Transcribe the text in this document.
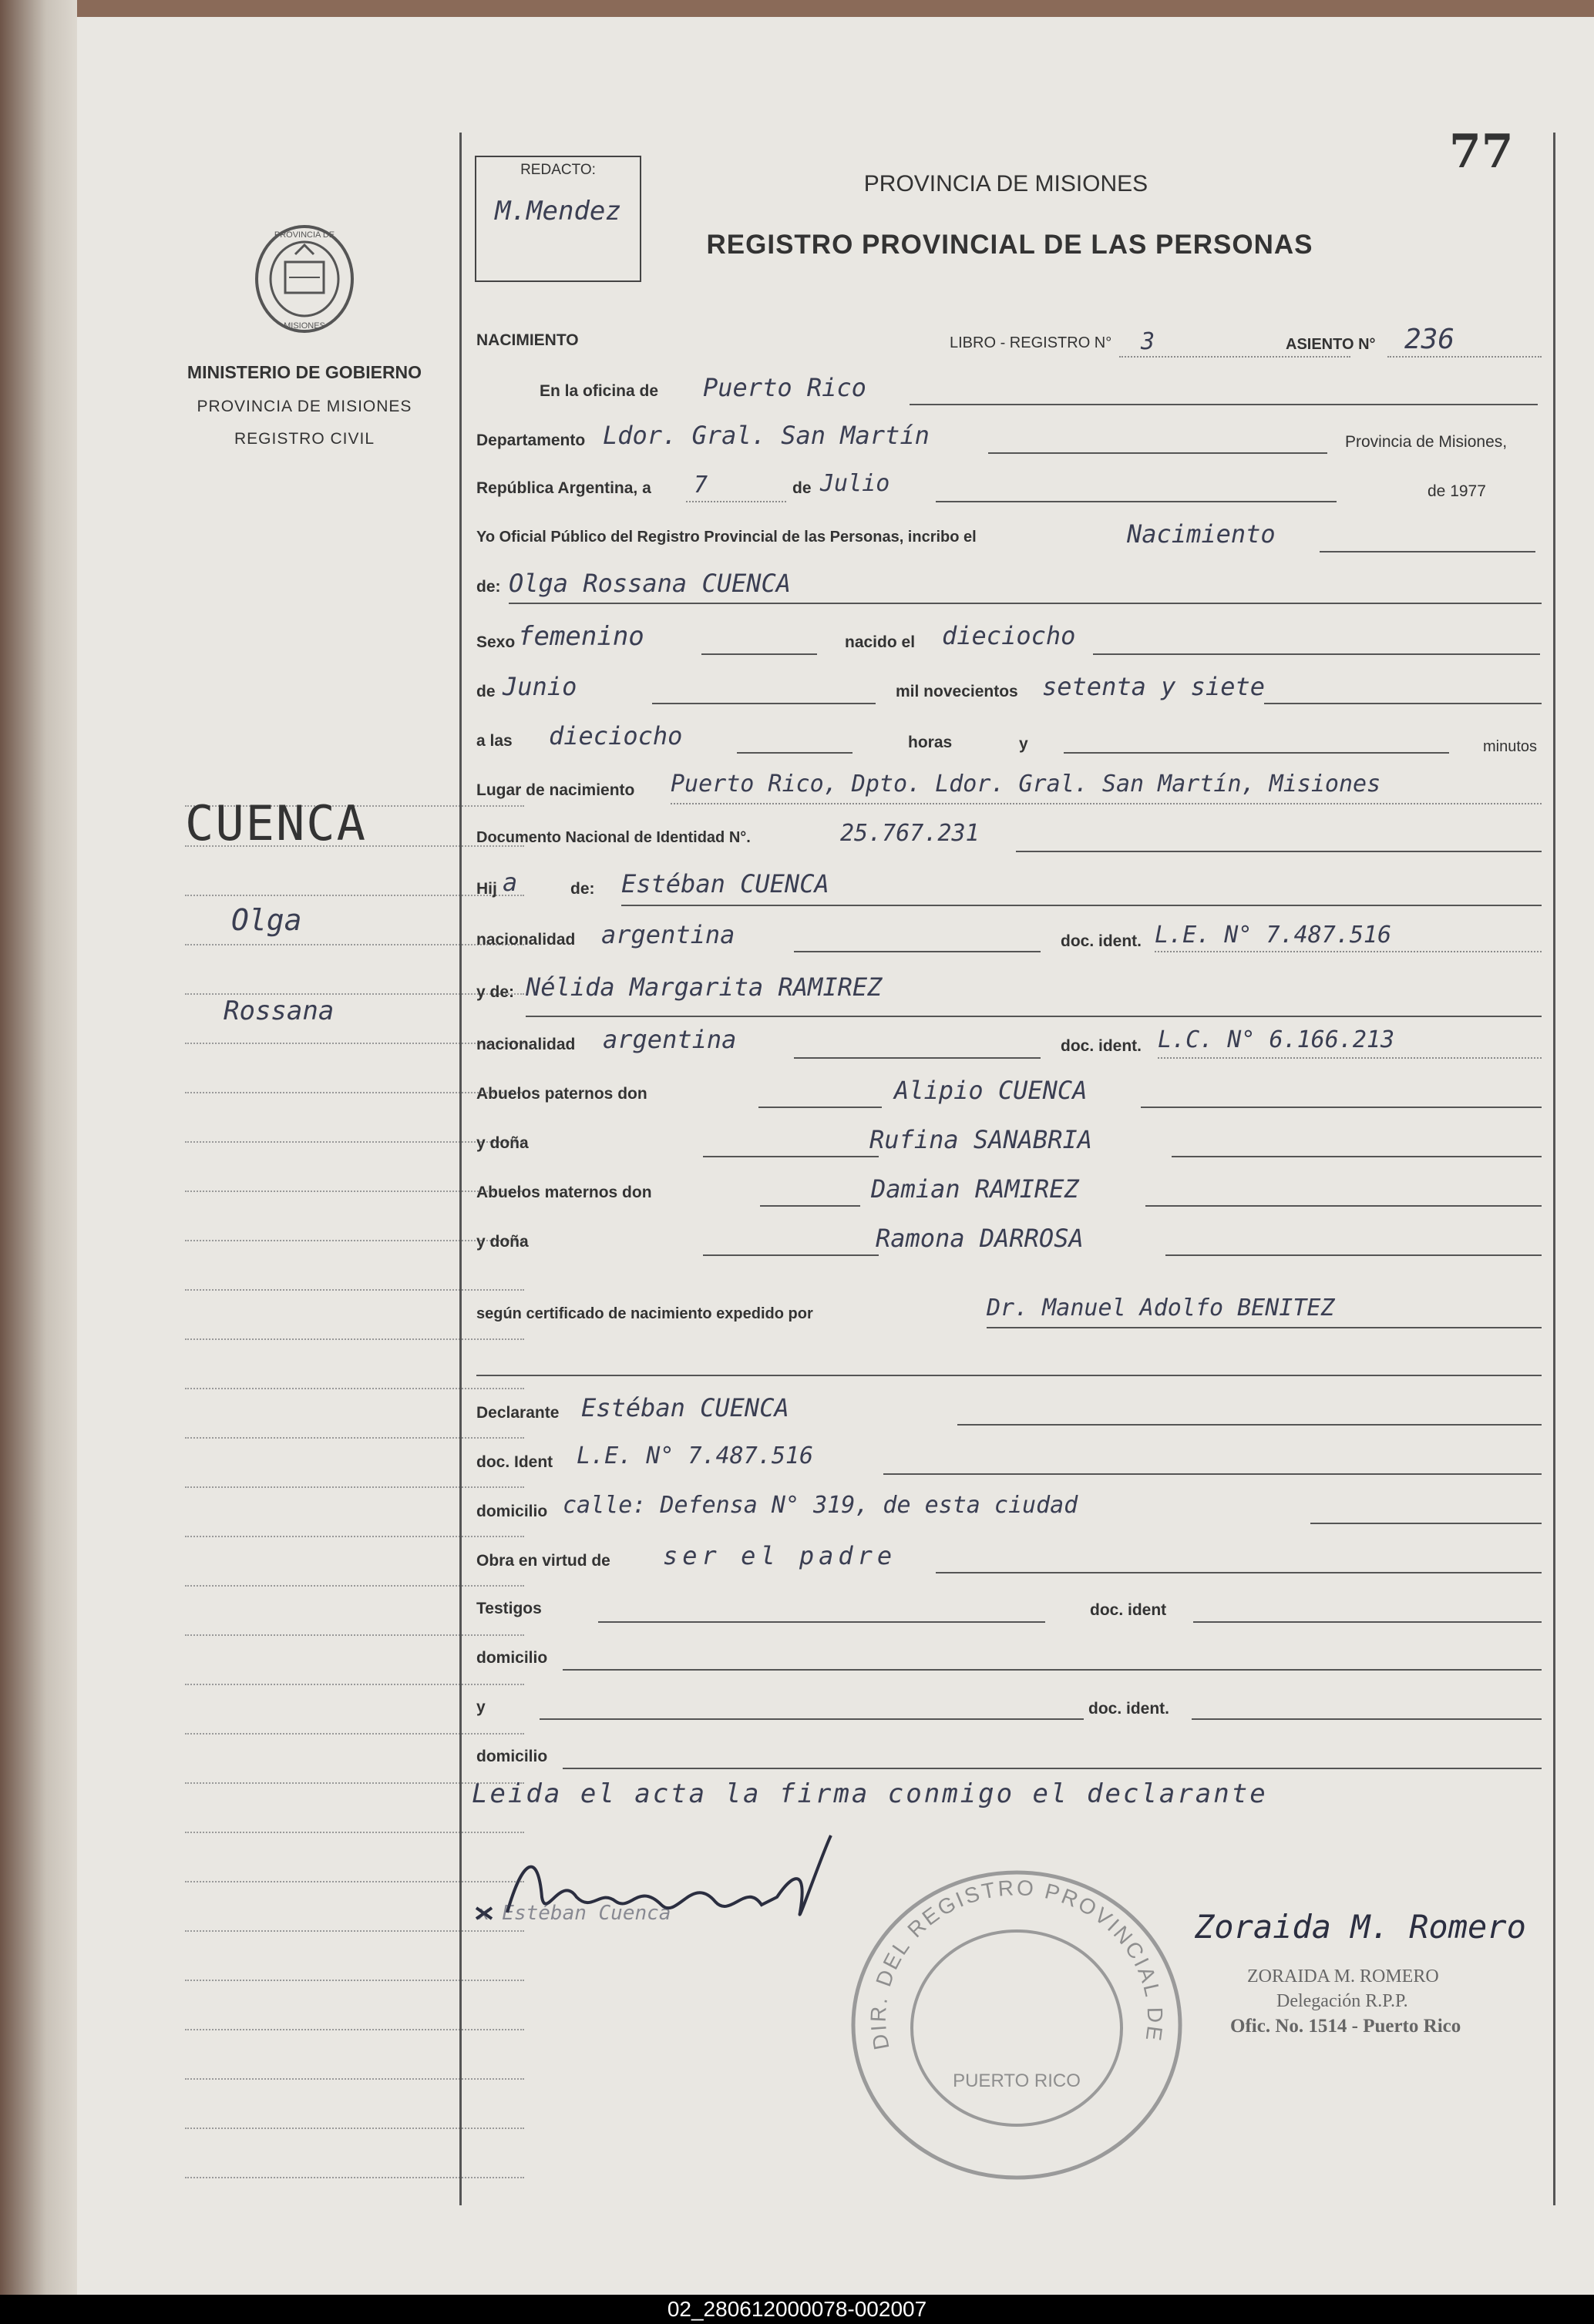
PROVINCIA DE
MISIONES
MINISTERIO DE GOBIERNO
PROVINCIA DE MISIONES
REGISTRO CIVIL
CUENCA
Olga
Rossana
REDACTO:
M.Mendez
77
PROVINCIA DE MISIONES
REGISTRO PROVINCIAL DE LAS PERSONAS
NACIMIENTO	LIBRO - REGISTRO N° 3	ASIENTO N° 236
En la oficina de Puerto Rico
Departamento Ldor. Gral. San Martín	Provincia de Misiones,
República Argentina, a 7	de Julio	de 1977
Yo Oficial Público del Registro Provincial de las Personas, incribo el	Nacimiento
de: Olga Rossana CUENCA
Sexo femenino	nacido el dieciocho
de Junio	mil novecientos setenta y siete
a las dieciocho	horas	y	minutos
Lugar de nacimiento Puerto Rico, Dpto. Ldor. Gral. San Martín, Misiones
Documento Nacional de Identidad N°.	25.767.231
Hij a	de: Estéban CUENCA
nacionalidad argentina	doc. ident. L.E. N° 7.487.516
y de: Nélida Margarita RAMIREZ
nacionalidad argentina	doc. ident. L.C. N° 6.166.213
Abuelos paternos don	Alipio CUENCA
y doña	Rufina SANABRIA
Abuelos maternos don	Damian RAMIREZ
y doña	Ramona DARROSA
según certificado de nacimiento expedido por	Dr. Manuel Adolfo BENITEZ
Declarante Estéban CUENCA
doc. Ident L.E. N° 7.487.516
domicilio calle: Defensa N° 319, de esta ciudad
Obra en virtud de ser el padre
Testigos	doc. ident
domicilio
y	doc. ident.
domicilio
Leida el acta la firma conmigo el declarante
x Estéban Cuenca
DIR. DEL REGISTRO PROVINCIAL DE
PUERTO RICO
Zoraida M. Romero
ZORAIDA M. ROMERO
Delegación R.P.P.
Ofic. No. 1514 - Puerto Rico
02_280612000078-002007
